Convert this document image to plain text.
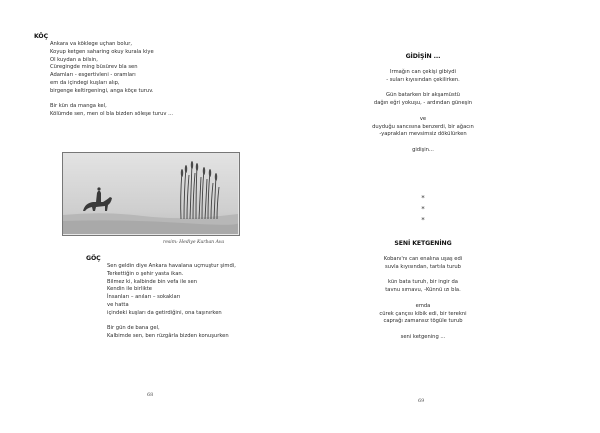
KÖÇ

Ankara va köklege uçhan bolur,
Koyup ketgen saharing okuy kurala kiye
Ol kuydan a bilsin,
Cüregingde ming büsürev bla sen
Adamları - esgertivleni - oramları
em da içindegi kuşları alıp,
birgenge keltirgeningi, anga köçe turuv.

Bir kün da manga kel,
Kölümde sen, men ol bla bizden söleşe turuv ...

resim: Hediye Kurban Ava

GÖÇ

Sen geldin diye Ankara havalana uçmuştur şimdi,
Terkettiğin o şehir yasta ikan.
Bilmez ki, kalbinde bin vefa ile sen
Kendin ile birlikte
İnsanları – anıları – sokakları
ve hatta
içindeki kuşları da getirdiğini, ona taşınırken

Bir gün de bana gel,
Kalbimde sen, ben rüzgârla bizden konuşurken

68

GİDİŞİN ...

Irmağın can çekişi gibiydi
- suları kıyısından çekilirken.

Gün batarken bir akşamüstü
dağın eğri yokuşu, - ardından güneşin

ve
duyduğu sancısına benzerdi, bir ağacın
-yaprakları mevsimsiz dökülürken

gidişin...
*
*
*

SENİ KETGENİNG

Kobanı'nı can enalına uşaş edi
suvla kıyısından, tartıla turub

kün batа turuh, bir ingir da
tavnu sırnavu, -Künnü ızı bla.

emda
cürek çançısı kibik edi, bir terekni
caprağı zamansız tögüle turub

seni ketgening ...

69
